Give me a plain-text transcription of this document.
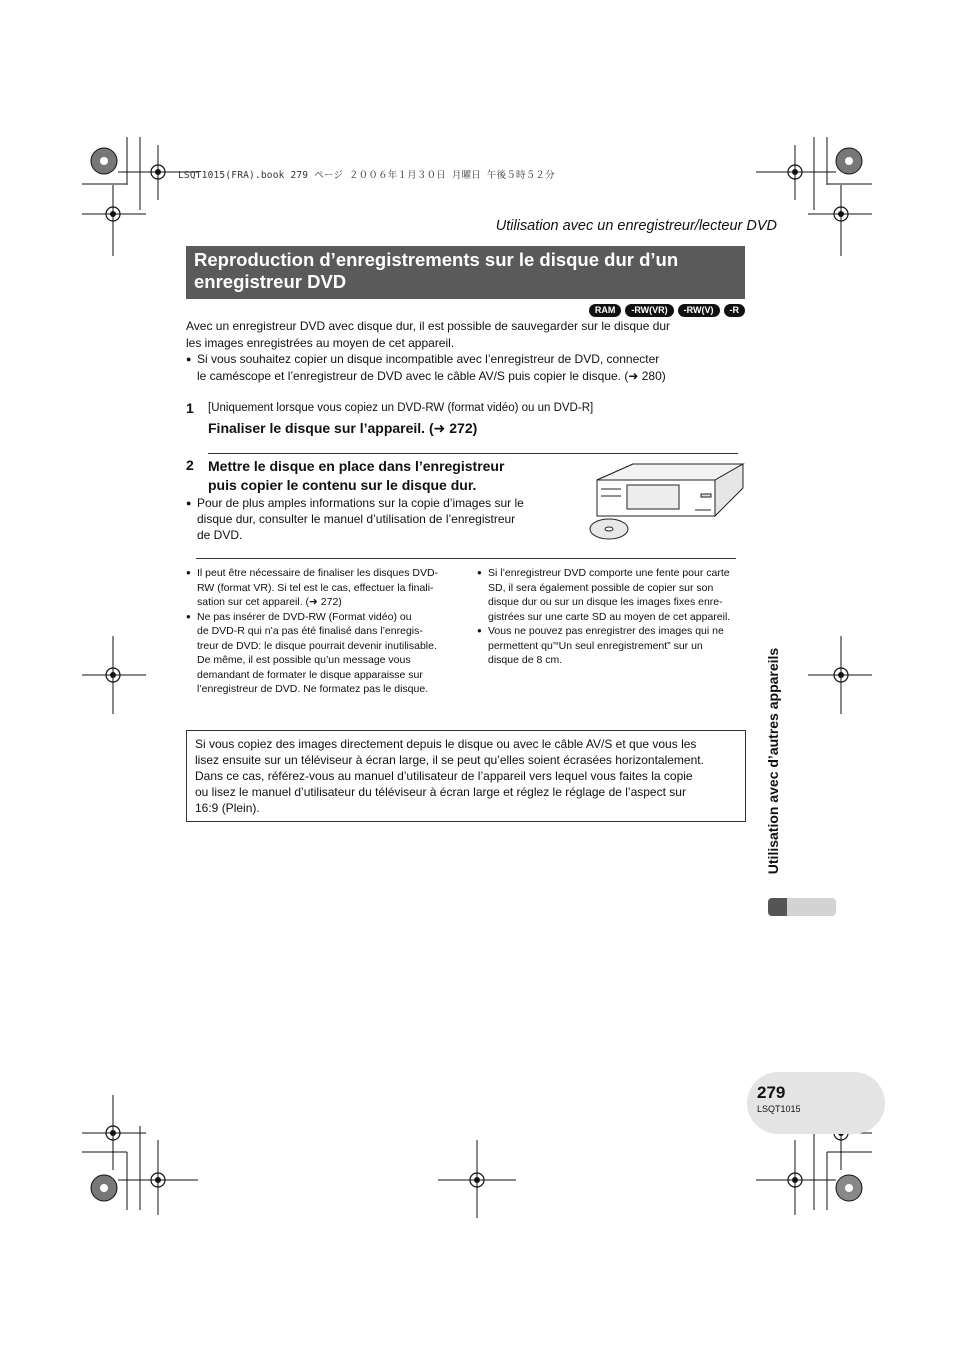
LSQT1015(FRA).book 279 ページ ２００６年１月３０日 月曜日 午後５時５２分
Utilisation avec un enregistreur/lecteur DVD
Reproduction d’enregistrements sur le disque dur d’un
enregistreur DVD
RAM	-RW(VR)	-RW(V)	-R
Avec un enregistreur DVD avec disque dur, il est possible de sauvegarder sur le disque dur
les images enregistrées au moyen de cet appareil.
● Si vous souhaitez copier un disque incompatible avec l’enregistreur de DVD, connecter
le caméscope et l’enregistreur de DVD avec le câble AV/S puis copier le disque. (➜ 280)
1 [Uniquement lorsque vous copiez un DVD-RW (format vidéo) ou un DVD-R]
Finaliser le disque sur l’appareil. (➜ 272)
2 Mettre le disque en place dans l’enregistreur
puis copier le contenu sur le disque dur.
● Pour de plus amples informations sur la copie d’images sur le
disque dur, consulter le manuel d’utilisation de l’enregistreur
de DVD.
● Il peut être nécessaire de finaliser les disques DVD-
RW (format VR). Si tel est le cas, effectuer la finali-
sation sur cet appareil. (➜ 272)
● Ne pas insérer de DVD-RW (Format vidéo) ou
de DVD-R qui n’a pas été finalisé dans l’enregis-
treur de DVD: le disque pourrait devenir inutilisable.
De même, il est possible qu’un message vous
demandant de formater le disque apparaisse sur
l’enregistreur de DVD. Ne formatez pas le disque.
● Si l’enregistreur DVD comporte une fente pour carte
SD, il sera également possible de copier sur son
disque dur ou sur un disque les images fixes enre-
gistrées sur une carte SD au moyen de cet appareil.
● Vous ne pouvez pas enregistrer des images qui ne
permettent qu’“Un seul enregistrement” sur un
disque de 8 cm.
Si vous copiez des images directement depuis le disque ou avec le câble AV/S et que vous les
lisez ensuite sur un téléviseur à écran large, il se peut qu’elles soient écrasées horizontalement.
Dans ce cas, référez-vous au manuel d’utilisateur de l’appareil vers lequel vous faites la copie
ou lisez le manuel d’utilisateur du téléviseur à écran large et réglez le réglage de l’aspect sur
16:9 (Plein).	Utilisation avec d’autres appareils
279
LSQT1015
